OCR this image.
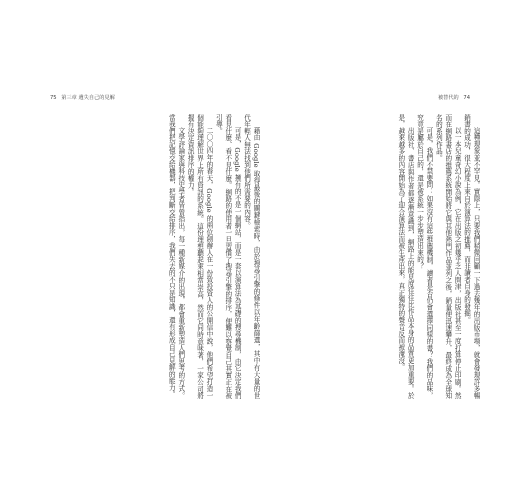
75 第三章 遺失自己的見解	被替代的 74

藉由 Google 取得最後的關鍵檢索時，由於搜尋引擎的條件以年齡篩選，其中有大量的世代年輕人無法找到他們所需要的內容。

可是，Google 擁有的不是一個網站，而是一套以演算法為基礎的搜尋機制，由它決定我們看見什麼、看不見什麼。網路的使用者一旦習慣了搜尋引擎的排序，便難以察覺自己其實正在被引導。

二〇〇四年的春天，Google 的兩位創辦人在一份致投資人的公開信中說，他們希望打造一個能夠理解世界上所有資訊的系統。這份理想聽起來相當崇高，然而它同時意味著，一家公司將握有決定資訊排序的權力。

文學評論家與科技史學者皆曾指出，每一種新媒介的出現，都會重新塑造人們思考的方式。當我們把記憶交給機器，把判斷交給排序，我們失去的不只是知識，還有形成自己見解的能力。	這種現象並不罕見。實際上，只要我們稍微回顧一下過去幾年的出版市場，就會發現許多暢銷書的成功，很大程度上來自於演算法的推薦，而非讀者自身的發掘。

以一本兒童奇幻小說為例，它在出版之初幾乎乏人問津，出版社甚至一度打算停止印刷。然而在網路書店的推薦系統開始將它與其他熱門作品並列之後，銷量便迅速攀升，最終成為全球知名的系列作品。

可是，我們不禁要問：如果沒有這些推薦機制，讀者是否仍會選擇同樣的書？我們的品味，究竟是屬於自己的，還是被系統一步步塑造出來的？

出版社、書店與作者都逐漸意識到，網路上的能見度往往比作品本身的品質更加重要。於是，越來越多的內容開始為了迎合演算法而被生產出來，真正獨特的聲音反而被淹沒。
